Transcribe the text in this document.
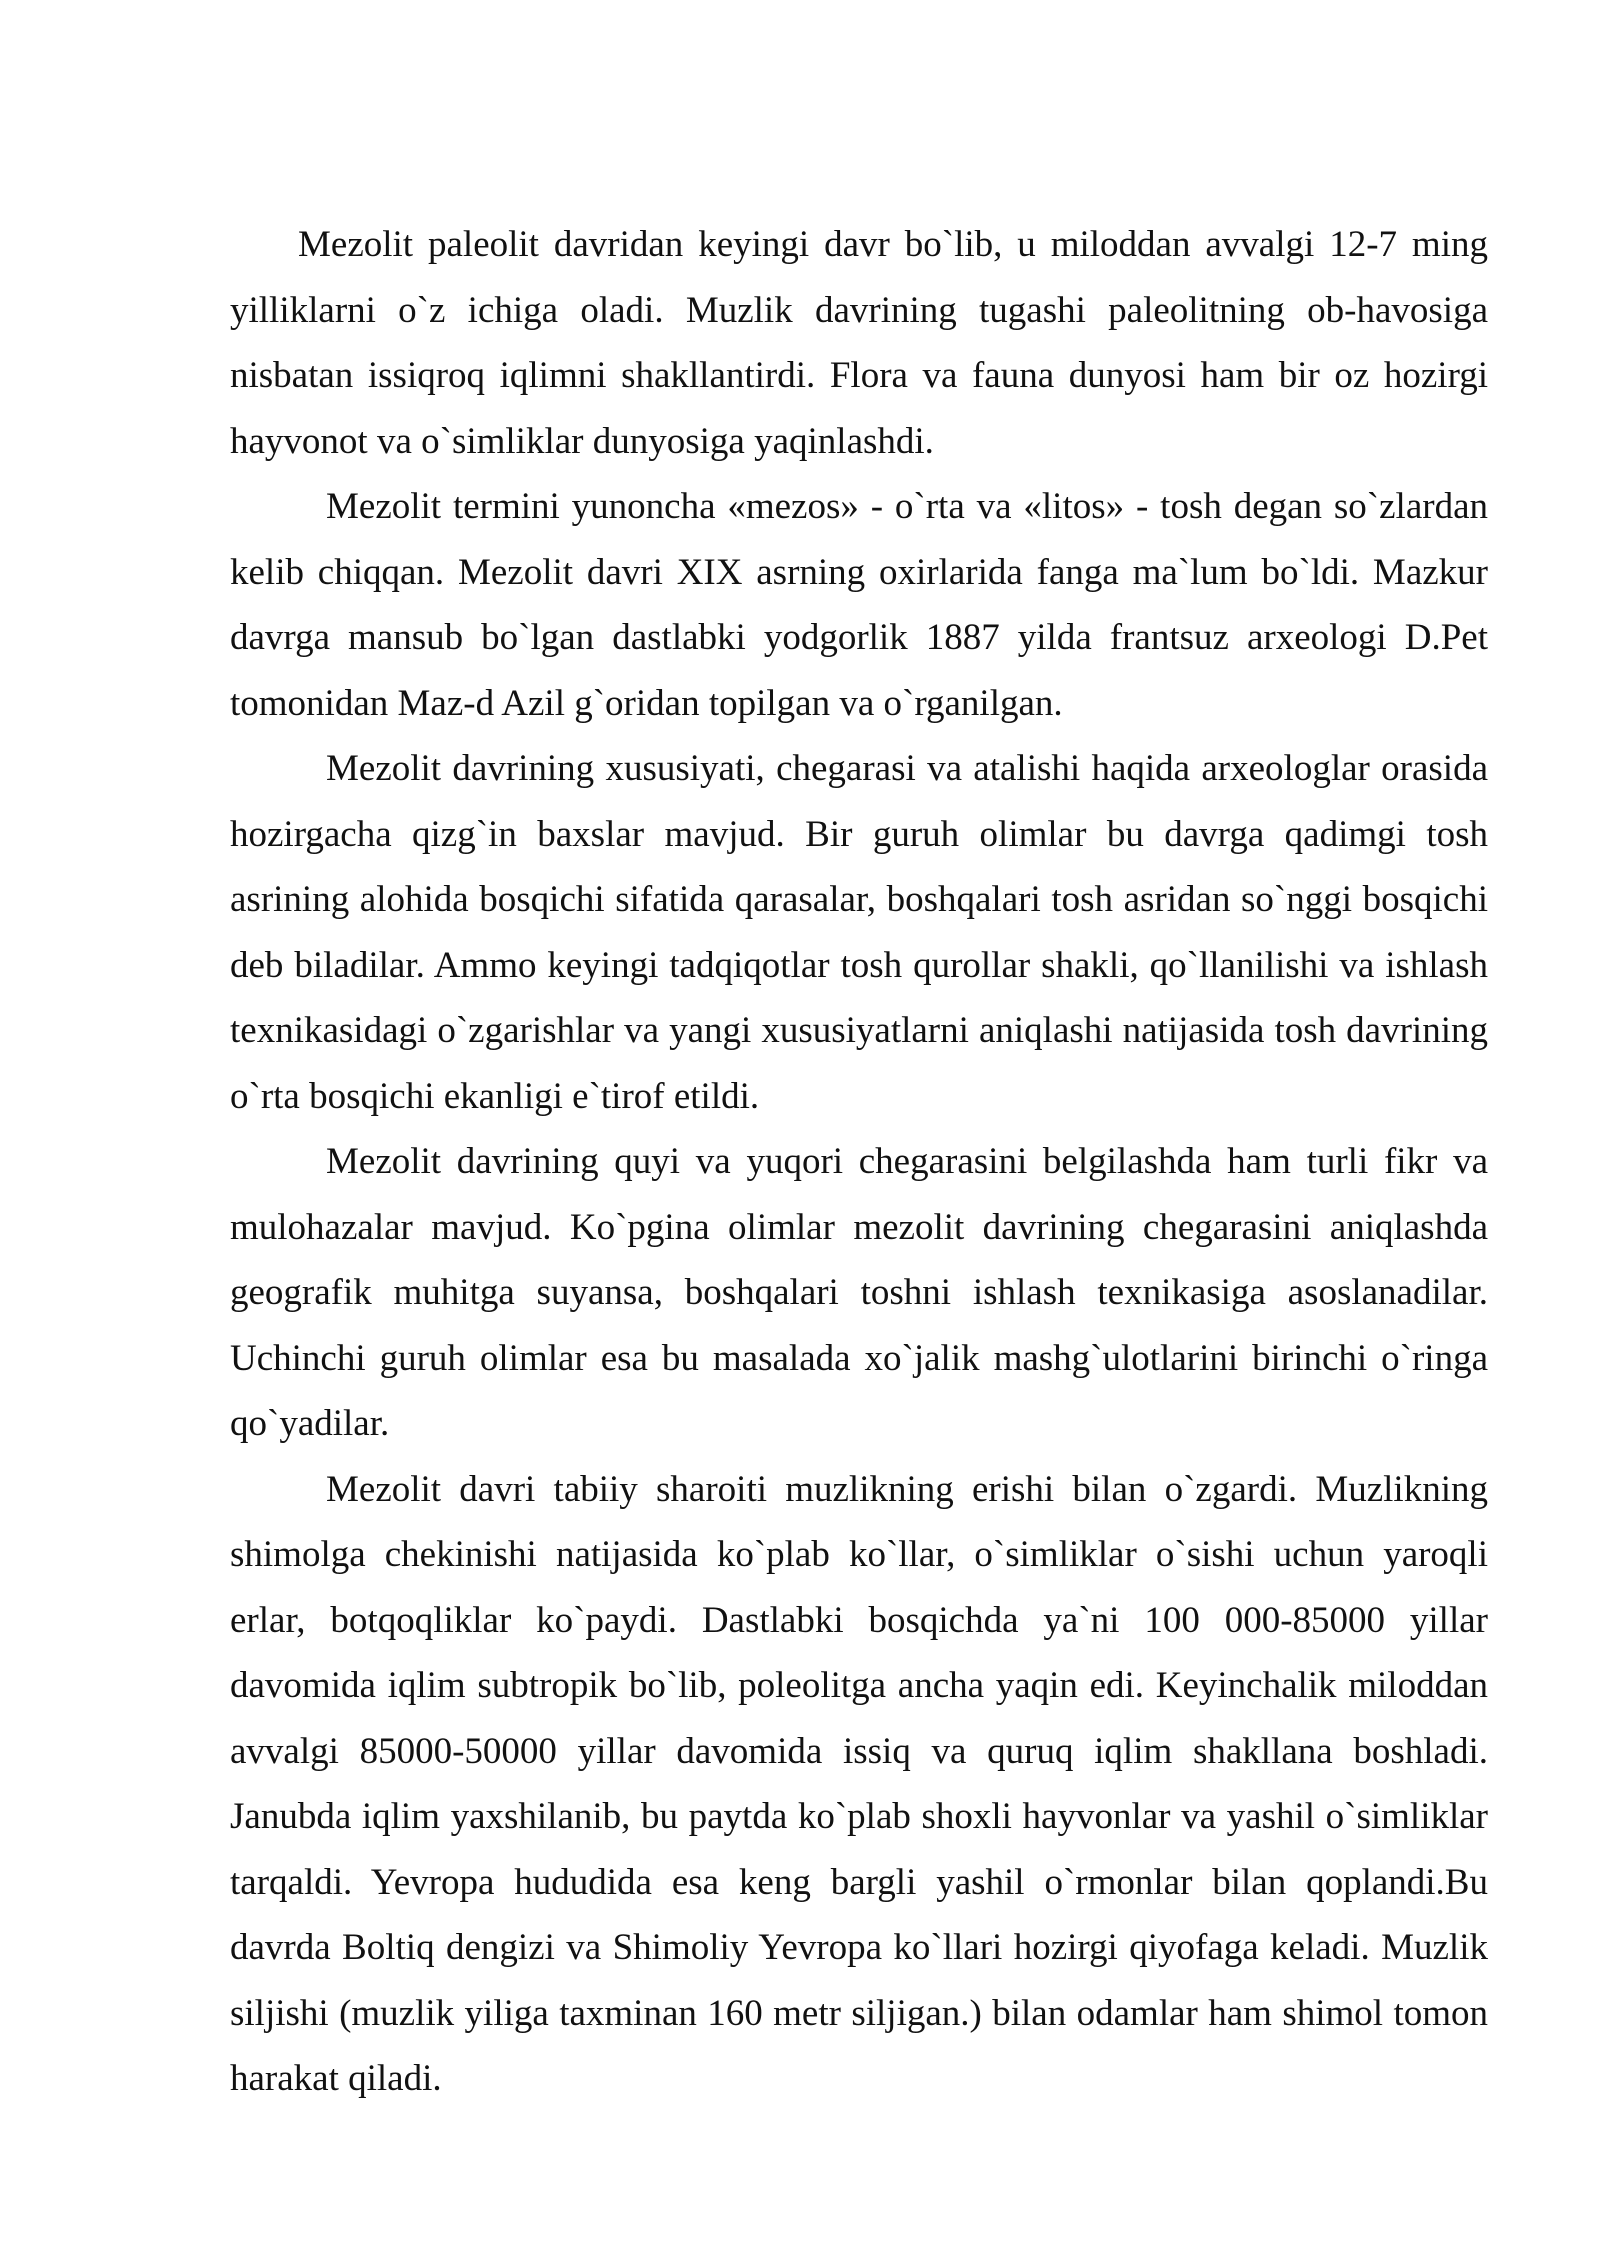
Mezolit paleolit davridan keyingi davr bo`lib, u miloddan avvalgi 12-7 ming yilliklarni o`z ichiga oladi. Muzlik davrining tugashi paleolitning ob-havosiga nisbatan issiqroq iqlimni shakllantirdi. Flora va fauna dunyosi ham bir oz hozirgi hayvonot va o`simliklar dunyosiga yaqinlashdi.

Mezolit termini yunoncha «mezos» - o`rta va «litos» - tosh degan so`zlardan kelib chiqqan. Mezolit davri XIX asrning oxirlarida fanga ma`lum bo`ldi. Mazkur davrga mansub bo`lgan dastlabki yodgorlik 1887 yilda frantsuz arxeologi D.Pet tomonidan Maz-d Azil g`oridan topilgan va o`rganilgan.

Mezolit davrining xususiyati, chegarasi va atalishi haqida arxeologlar orasida hozirgacha qizg`in baxslar mavjud. Bir guruh olimlar bu davrga qadimgi tosh asrining alohida bosqichi sifatida qarasalar, boshqalari tosh asridan so`nggi bosqichi deb biladilar. Ammo keyingi tadqiqotlar tosh qurollar shakli, qo`llanilishi va ishlash texnikasidagi o`zgarishlar va yangi xususiyatlarni aniqlashi natijasida tosh davrining o`rta bosqichi ekanligi e`tirof etildi.

Mezolit davrining quyi va yuqori chegarasini belgilashda ham turli fikr va mulohazalar mavjud. Ko`pgina olimlar mezolit davrining chegarasini aniqlashda geografik muhitga suyansa, boshqalari toshni ishlash texnikasiga asoslanadilar. Uchinchi guruh olimlar esa bu masalada xo`jalik mashg`ulotlarini birinchi o`ringa qo`yadilar.

Mezolit davri tabiiy sharoiti muzlikning erishi bilan o`zgardi. Muzlikning shimolga chekinishi natijasida ko`plab ko`llar, o`simliklar o`sishi uchun yaroqli erlar, botqoqliklar ko`paydi. Dastlabki bosqichda ya`ni 100 000-85000 yillar davomida iqlim subtropik bo`lib, poleolitga ancha yaqin edi. Keyinchalik miloddan avvalgi 85000-50000 yillar davomida issiq va quruq iqlim shakllana boshladi. Janubda iqlim yaxshilanib, bu paytda ko`plab shoxli hayvonlar va yashil o`simliklar tarqaldi. Yevropa hududida esa keng bargli yashil o`rmonlar bilan qoplandi.Bu davrda Boltiq dengizi va Shimoliy Yevropa ko`llari hozirgi qiyofaga keladi. Muzlik siljishi (muzlik yiliga taxminan 160 metr siljigan.) bilan odamlar ham shimol tomon harakat qiladi.
